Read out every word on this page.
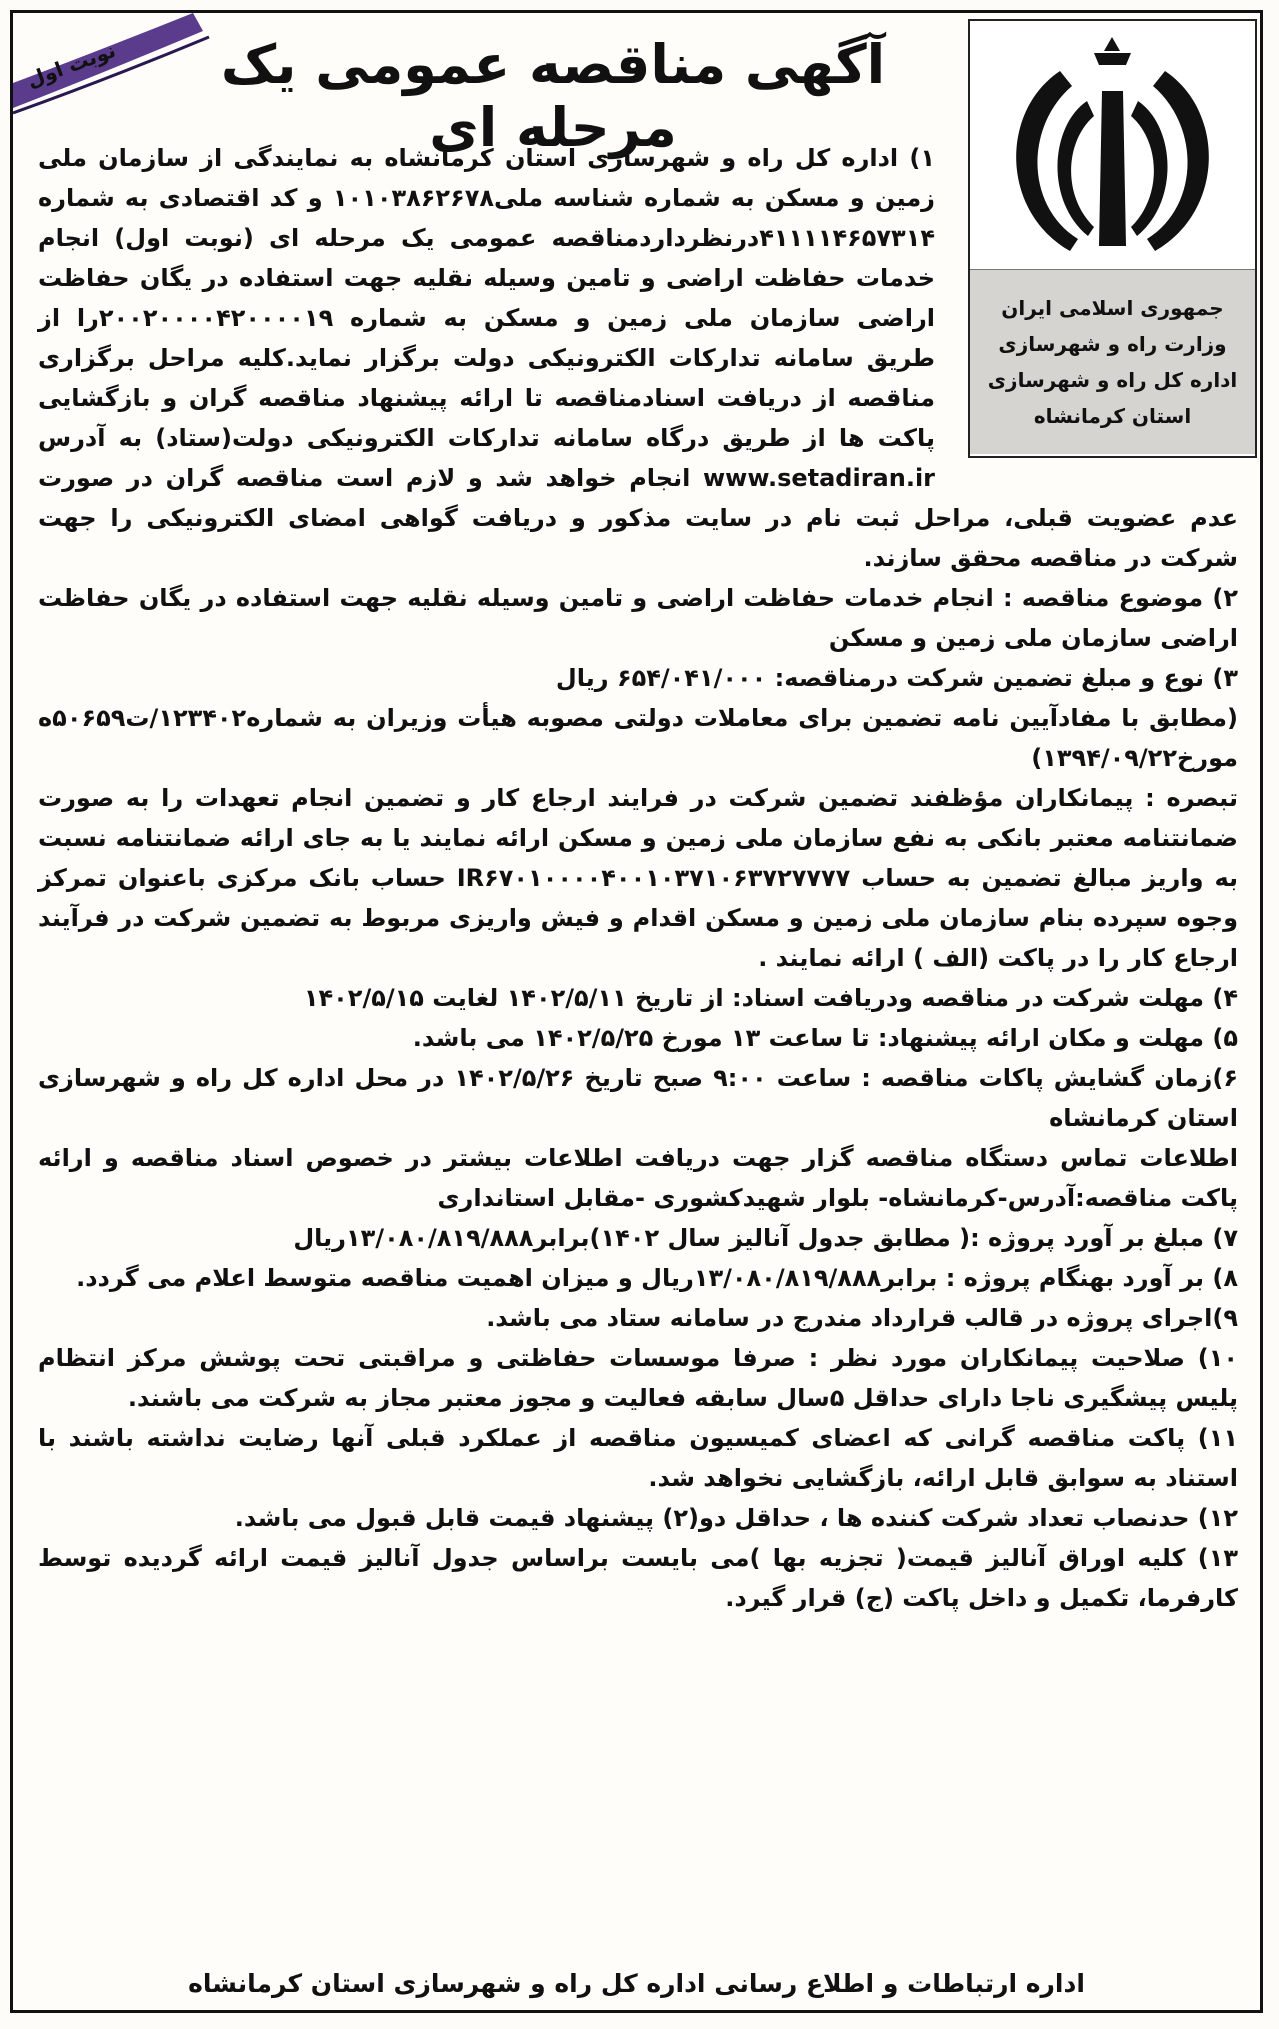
نوبت اول	آگهی مناقصه عمومی یک مرحله ای
جمهوری اسلامی ایران
وزارت راه و شهرسازی
اداره کل راه و شهرسازی
استان کرمانشاه

۱) اداره کل راه و شهرسازی استان کرمانشاه به نمایندگی از سازمان ملی زمین و مسکن به شماره شناسه ملی۱۰۱۰۳۸۶۲۶۷۸ و کد اقتصادی به شماره ۴۱۱۱۱۴۶۵۷۳۱۴درنظرداردمناقصه عمومی یک مرحله ای (نوبت اول) انجام خدمات حفاظت اراضی و تامین وسیله نقلیه جهت استفاده در یگان حفاظت اراضی سازمان ملی زمین و مسکن به شماره ۲۰۰۲۰۰۰۰۴۲۰۰۰۰۱۹را از طریق سامانه تدارکات الکترونیکی دولت برگزار نماید.کلیه مراحل برگزاری مناقصه از دریافت اسنادمناقصه تا ارائه پیشنهاد مناقصه گران و بازگشایی پاکت ها از طریق درگاه سامانه تدارکات الکترونیکی دولت(ستاد) به آدرس www.setadiran.ir انجام خواهد شد و لازم است مناقصه گران در صورت عدم عضویت قبلی، مراحل ثبت نام در سایت مذکور و دریافت گواهی امضای الکترونیکی را جهت شرکت در مناقصه محقق سازند.

۲) موضوع مناقصه : انجام خدمات حفاظت اراضی و تامین وسیله نقلیه جهت استفاده در یگان حفاظت اراضی سازمان ملی زمین و مسکن

۳) نوع و مبلغ تضمین شرکت درمناقصه: ۶۵۴/۰۴۱/۰۰۰ ریال

(مطابق با مفادآیین نامه تضمین برای معاملات دولتی مصوبه هیأت وزیران به شماره۱۲۳۴۰۲/ت۵۰۶۵۹ه مورخ۱۳۹۴/۰۹/۲۲)

تبصره : پیمانکاران مؤظفند تضمین شرکت در فرایند ارجاع کار و تضمین انجام تعهدات را به صورت ضمانتنامه معتبر بانکی به نفع سازمان ملی زمین و مسکن ارائه نمایند یا به جای ارائه ضمانتنامه نسبت به واریز مبالغ تضمین به حساب IR۶۷۰۱۰۰۰۰۴۰۰۱۰۳۷۱۰۶۳۷۲۷۷۷۷ حساب بانک مرکزی باعنوان تمرکز وجوه سپرده بنام سازمان ملی زمین و مسکن اقدام و فیش واریزی مربوط به تضمین شرکت در فرآیند ارجاع کار را در پاکت (الف ) ارائه نمایند .

۴) مهلت شرکت در مناقصه ودریافت اسناد: از تاریخ ۱۴۰۲/۵/۱۱ لغایت ۱۴۰۲/۵/۱۵

۵) مهلت و مکان ارائه پیشنهاد: تا ساعت ۱۳ مورخ ۱۴۰۲/۵/۲۵ می باشد.

۶)زمان گشایش پاکات مناقصه : ساعت ۹:۰۰ صبح تاریخ ۱۴۰۲/۵/۲۶ در محل اداره کل راه و شهرسازی استان کرمانشاه

اطلاعات تماس دستگاه مناقصه گزار جهت دریافت اطلاعات بیشتر در خصوص اسناد مناقصه و ارائه پاکت مناقصه:آدرس-کرمانشاه- بلوار شهیدکشوری -مقابل استانداری

۷) مبلغ بر آورد پروژه :( مطابق جدول آنالیز سال ۱۴۰۲)برابر۱۳/۰۸۰/۸۱۹/۸۸۸ریال

۸) بر آورد بهنگام پروژه : برابر۱۳/۰۸۰/۸۱۹/۸۸۸ریال و میزان اهمیت مناقصه متوسط اعلام می گردد.

۹)اجرای پروژه در قالب قرارداد مندرج در سامانه ستاد می باشد.

۱۰) صلاحیت پیمانکاران مورد نظر : صرفا موسسات حفاظتی و مراقبتی تحت پوشش مرکز انتظام پلیس پیشگیری ناجا دارای حداقل ۵سال سابقه فعالیت و مجوز معتبر مجاز به شرکت می باشند.

۱۱) پاکت مناقصه گرانی که اعضای کمیسیون مناقصه از عملکرد قبلی آنها رضایت نداشته باشند با استناد به سوابق قابل ارائه، بازگشایی نخواهد شد.

۱۲) حدنصاب تعداد شرکت کننده ها ، حداقل دو(۲) پیشنهاد قیمت قابل قبول می باشد.

۱۳) کلیه اوراق آنالیز قیمت( تجزیه بها )می بایست براساس جدول آنالیز قیمت ارائه گردیده توسط کارفرما، تکمیل و داخل پاکت (ج) قرار گیرد.

اداره ارتباطات و اطلاع رسانی اداره کل راه و شهرسازی استان کرمانشاه
